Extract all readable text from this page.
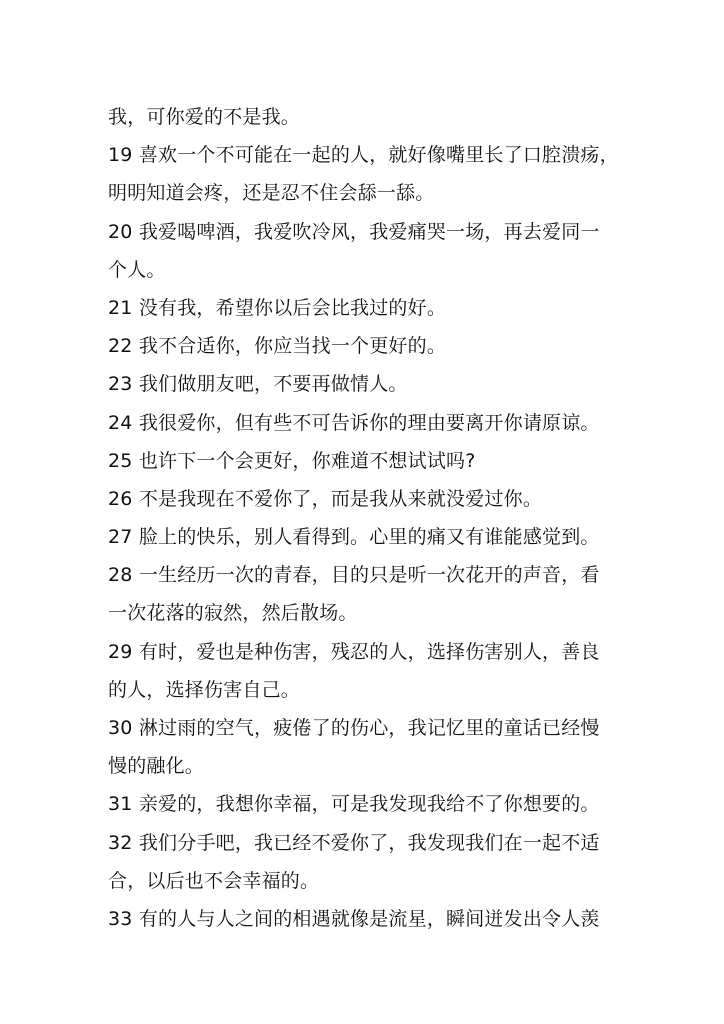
我，可你爱的不是我。
19 喜欢一个不可能在一起的人，就好像嘴里长了口腔溃疡，
明明知道会疼，还是忍不住会舔一舔。
20 我爱喝啤酒，我爱吹冷风，我爱痛哭一场，再去爱同一
个人。
21 没有我，希望你以后会比我过的好。
22 我不合适你，你应当找一个更好的。
23 我们做朋友吧，不要再做情人。
24 我很爱你，但有些不可告诉你的理由要离开你请原谅。
25 也许下一个会更好，你难道不想试试吗?
26 不是我现在不爱你了，而是我从来就没爱过你。
27 脸上的快乐，别人看得到。心里的痛又有谁能感觉到。
28 一生经历一次的青春，目的只是听一次花开的声音，看
一次花落的寂然，然后散场。
29 有时，爱也是种伤害，残忍的人，选择伤害别人，善良
的人，选择伤害自己。
30 淋过雨的空气，疲倦了的伤心，我记忆里的童话已经慢
慢的融化。
31 亲爱的，我想你幸福，可是我发现我给不了你想要的。
32 我们分手吧，我已经不爱你了，我发现我们在一起不适
合，以后也不会幸福的。
33 有的人与人之间的相遇就像是流星，瞬间迸发出令人羡
